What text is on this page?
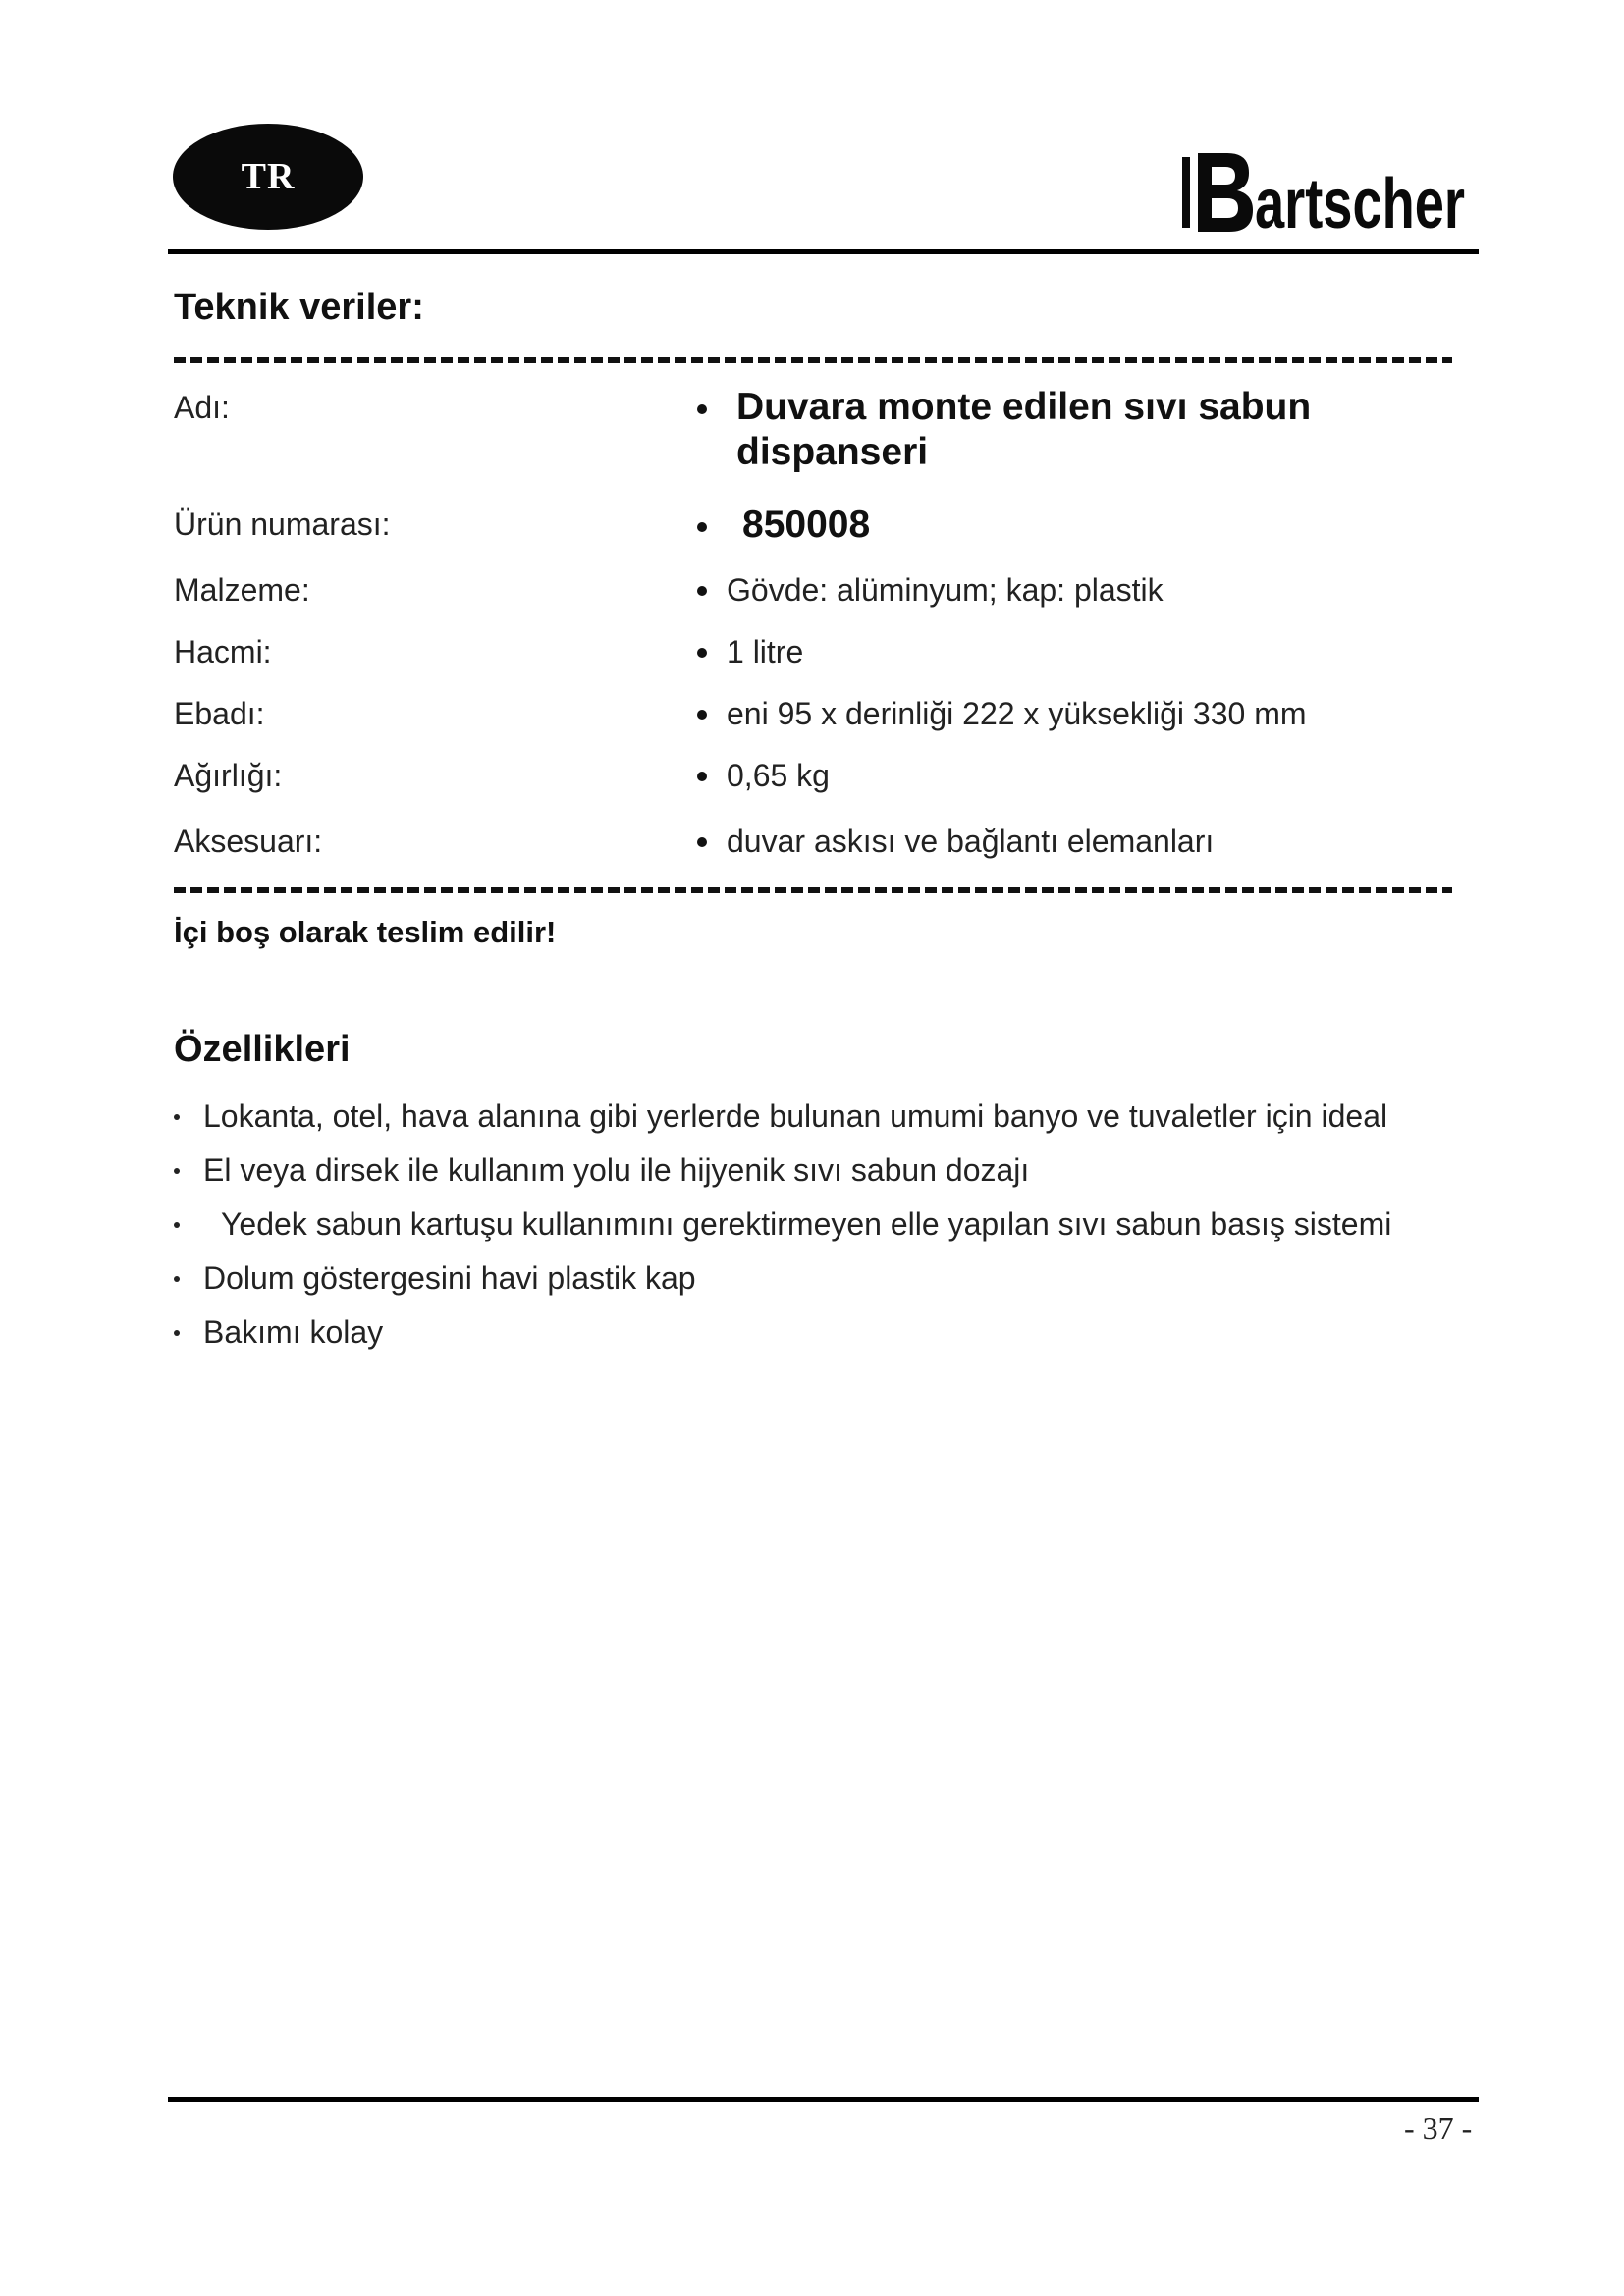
TR	artscher
Teknik veriler:
Adı:	Duvara monte edilen sıvı sabun
dispanseri
Ürün numarası:	850008
Malzeme:	Gövde: alüminyum; kap: plastik
Hacmi:	1 litre
Ebadı:	eni 95 x derinliği 222 x yüksekliği 330 mm
Ağırlığı:	0,65 kg
Aksesuarı:	duvar askısı ve bağlantı elemanları
İçi boş olarak teslim edilir!
Özellikleri
Lokanta, otel, hava alanına gibi yerlerde bulunan umumi banyo ve tuvaletler için ideal
El veya dirsek ile kullanım yolu ile hijyenik sıvı sabun dozajı
Yedek sabun kartuşu kullanımını gerektirmeyen elle yapılan sıvı sabun basış sistemi
Dolum göstergesini havi plastik kap
Bakımı kolay
- 37 -
